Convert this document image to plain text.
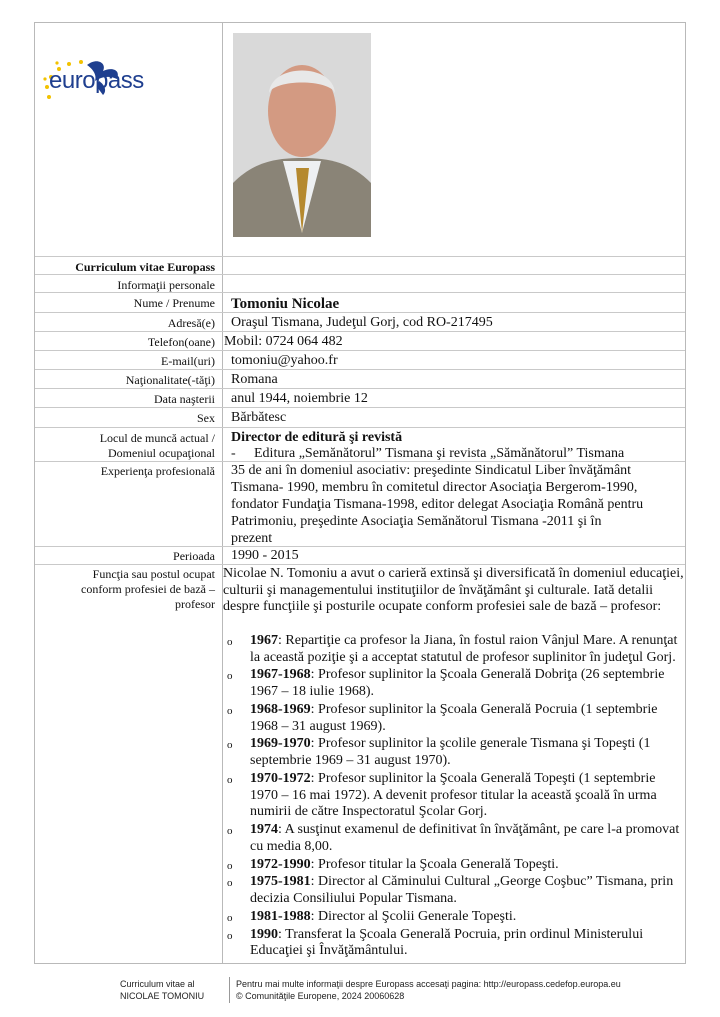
europass
Curriculum vitae Europass
Informaţii personale
Nume / Prenume
Adresă(e)
Telefon(oane)
E-mail(uri)
Naţionalitate(-tăţi)
Data naşterii
Sex
Locul de muncă actual /
Domeniul ocupaţional
Experienţa profesională
Perioada
Funcţia sau postul ocupat
conform profesiei de bază –
profesor
Tomoniu Nicolae
Oraşul Tismana, Judeţul Gorj, cod RO-217495
Mobil: 0724 064 482
tomoniu@yahoo.fr
Romana
anul 1944, noiembrie 12
Bărbătesc
Director de editură şi revistă
- Editura „Semănătorul” Tismana şi revista „Sămănătorul” Tismana
35 de ani în domeniul asociativ: preşedinte Sindicatul Liber învăţământ
Tismana- 1990, membru în comitetul director Asociaţia Bergerom-1990,
fondator Fundaţia Tismana-1998, editor delegat Asociaţia Română pentru
Patrimoniu, preşedinte Asociaţia Semănătorul Tismana -2011 şi în
prezent
1990 - 2015
Nicolae N. Tomoniu a avut o carieră extinsă şi diversificată în domeniul educaţiei, culturii şi managementului instituţiilor de învăţământ şi culturale. Iată detalii despre funcţiile şi posturile ocupate conform profesiei sale de bază – profesor:
o 1967: Repartiţie ca profesor la Jiana, în fostul raion Vânjul Mare. A renunţat la această poziţie şi a acceptat statutul de profesor suplinitor în judeţul Gorj.
o 1967-1968: Profesor suplinitor la Şcoala Generală Dobriţa (26 septembrie 1967 – 18 iulie 1968).
o 1968-1969: Profesor suplinitor la Şcoala Generală Pocruia (1 septembrie 1968 – 31 august 1969).
o 1969-1970: Profesor suplinitor la şcolile generale Tismana şi Topeşti (1 septembrie 1969 – 31 august 1970).
o 1970-1972: Profesor suplinitor la Şcoala Generală Topeşti (1 septembrie 1970 – 16 mai 1972). A devenit profesor titular la această şcoală în urma numirii de către Inspectoratul Şcolar Gorj.
o 1974: A susţinut examenul de definitivat în învăţământ, pe care l-a promovat cu media 8,00.
o 1972-1990: Profesor titular la Şcoala Generală Topeşti.
o 1975-1981: Director al Căminului Cultural „George Coşbuc” Tismana, prin decizia Consiliului Popular Tismana.
o 1981-1988: Director al Şcolii Generale Topeşti.
o 1990: Transferat la Şcoala Generală Pocruia, prin ordinul Ministerului Educaţiei şi Învăţământului.
Curriculum vitae al
NICOLAE TOMONIU
Pentru mai multe informaţii despre Europass accesaţi pagina: http://europass.cedefop.europa.eu
© Comunităţile Europene, 2024 20060628
